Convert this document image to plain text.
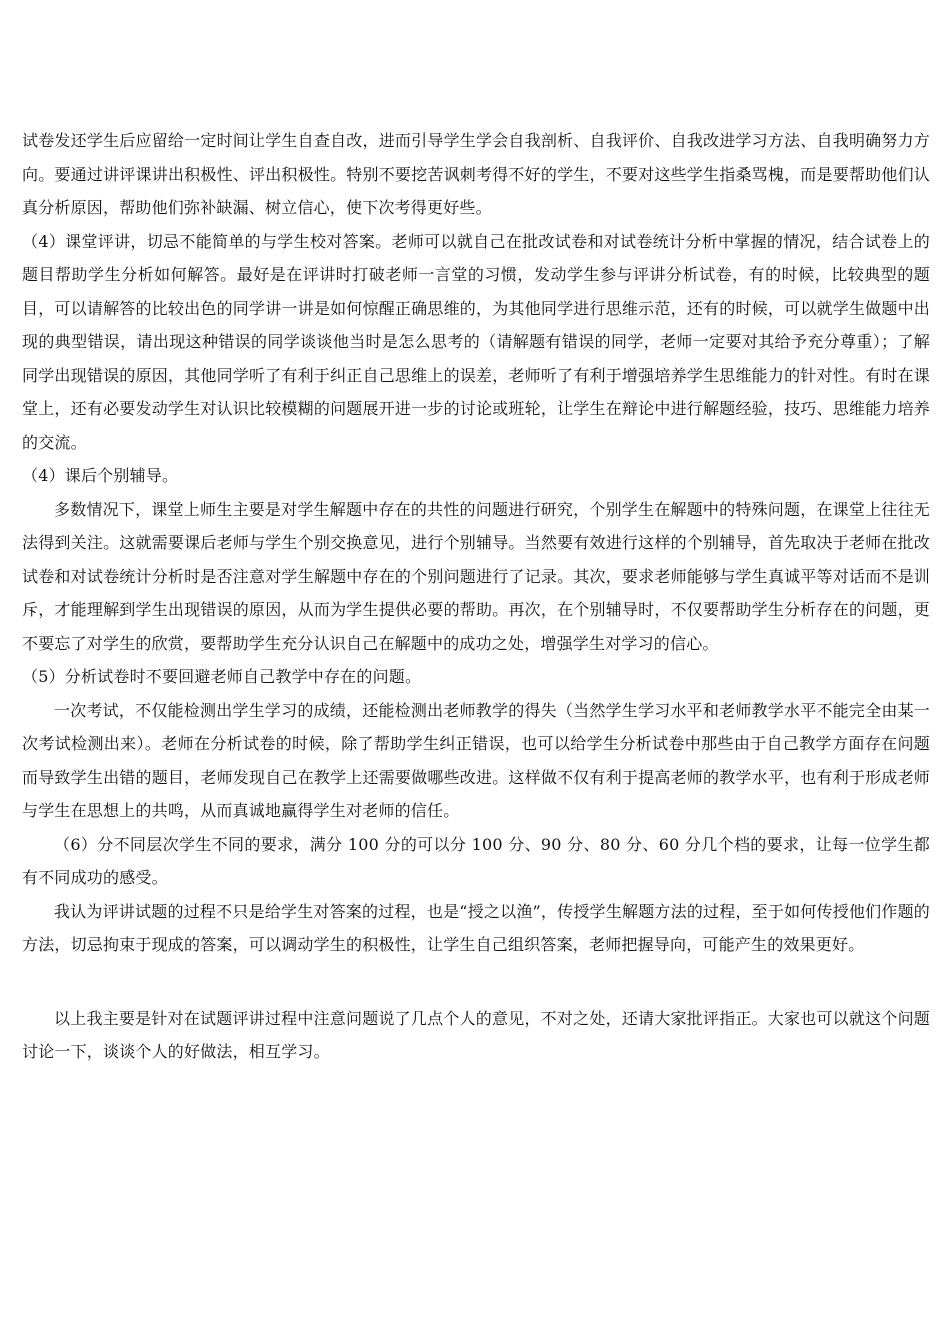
试卷发还学生后应留给一定时间让学生自查自改，进而引导学生学会自我剖析、自我评价、自我改进学习方法、自我明确努力方向。要通过讲评课讲出积极性、评出积极性。特别不要挖苦讽刺考得不好的学生，不要对这些学生指桑骂槐，而是要帮助他们认真分析原因，帮助他们弥补缺漏、树立信心，使下次考得更好些。

（4）课堂评讲，切忌不能简单的与学生校对答案。老师可以就自己在批改试卷和对试卷统计分析中掌握的情况，结合试卷上的题目帮助学生分析如何解答。最好是在评讲时打破老师一言堂的习惯，发动学生参与评讲分析试卷，有的时候，比较典型的题目，可以请解答的比较出色的同学讲一讲是如何惊醒正确思维的，为其他同学进行思维示范，还有的时候，可以就学生做题中出现的典型错误，请出现这种错误的同学谈谈他当时是怎么思考的（请解题有错误的同学，老师一定要对其给予充分尊重）；了解同学出现错误的原因，其他同学听了有利于纠正自己思维上的误差，老师听了有利于增强培养学生思维能力的针对性。有时在课堂上，还有必要发动学生对认识比较模糊的问题展开进一步的讨论或班轮，让学生在辩论中进行解题经验，技巧、思维能力培养的交流。

（4）课后个别辅导。

多数情况下，课堂上师生主要是对学生解题中存在的共性的问题进行研究，个别学生在解题中的特殊问题，在课堂上往往无法得到关注。这就需要课后老师与学生个别交换意见，进行个别辅导。当然要有效进行这样的个别辅导，首先取决于老师在批改试卷和对试卷统计分析时是否注意对学生解题中存在的个别问题进行了记录。其次，要求老师能够与学生真诚平等对话而不是训斥，才能理解到学生出现错误的原因，从而为学生提供必要的帮助。再次，在个别辅导时，不仅要帮助学生分析存在的问题，更不要忘了对学生的欣赏，要帮助学生充分认识自己在解题中的成功之处，增强学生对学习的信心。

（5）分析试卷时不要回避老师自己教学中存在的问题。

一次考试，不仅能检测出学生学习的成绩，还能检测出老师教学的得失（当然学生学习水平和老师教学水平不能完全由某一次考试检测出来）。老师在分析试卷的时候，除了帮助学生纠正错误，也可以给学生分析试卷中那些由于自己教学方面存在问题而导致学生出错的题目，老师发现自己在教学上还需要做哪些改进。这样做不仅有利于提高老师的教学水平，也有利于形成老师与学生在思想上的共鸣，从而真诚地赢得学生对老师的信任。

（6）分不同层次学生不同的要求，满分 100 分的可以分 100 分、90 分、80 分、60 分几个档的要求，让每一位学生都有不同成功的感受。

我认为评讲试题的过程不只是给学生对答案的过程，也是“授之以渔”，传授学生解题方法的过程，至于如何传授他们作题的方法，切忌拘束于现成的答案，可以调动学生的积极性，让学生自己组织答案，老师把握导向，可能产生的效果更好。

以上我主要是针对在试题评讲过程中注意问题说了几点个人的意见，不对之处，还请大家批评指正。大家也可以就这个问题讨论一下，谈谈个人的好做法，相互学习。
